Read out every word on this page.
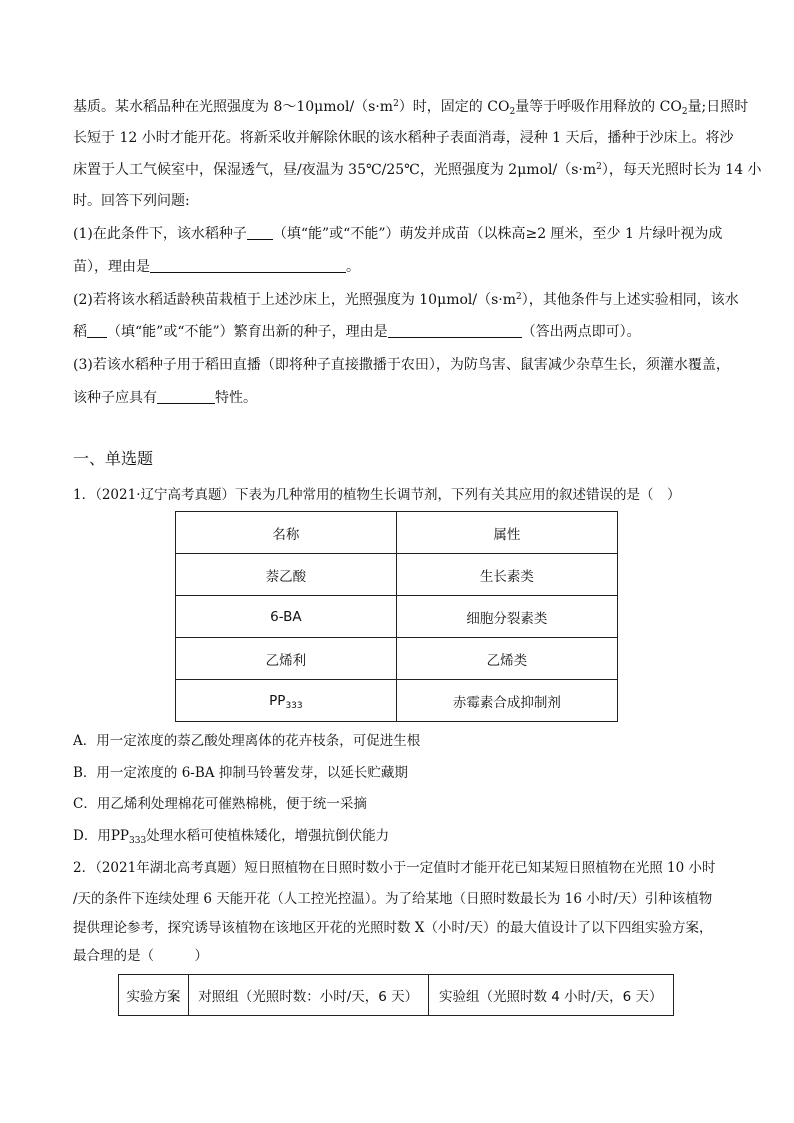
基质。某水稻品种在光照强度为 $8\sim 10\mu mol/(s\cdot m^2)$时，固定的 $CO_2$量等于呼吸作用释放的 $CO_2$量;日照时
长短于 12 小时才能开花。将新采收并解除休眠的该水稻种子表面消毒，浸种 1 天后，播种于沙床上。将沙
床置于人工气候室中，保湿透气，昼/夜温为 35℃/25℃，光照强度为 $2\mu mol/(s\cdot m^2)$，每天光照时长为 14 小
时。回答下列问题:
(1)在此条件下，该水稻种子 （填“能”或“不能”）萌发并成苗（以株高≥2 厘米，至少 1 片绿叶视为成
苗），理由是	。
(2)若将该水稻适龄秧苗栽植于上述沙床上，光照强度为 $10\mu mol/(s\cdot m^2)$，其他条件与上述实验相同，该水
稻 （填“能”或“不能”）繁育出新的种子，理由是	（答出两点即可）。
(3)若该水稻种子用于稻田直播（即将种子直接撒播于农田），为防鸟害、鼠害减少杂草生长，须灌水覆盖，
该种子应具有	特性。
一、单选题
1．（2021·辽宁高考真题）下表为几种常用的植物生长调节剂，下列有关其应用的叙述错误的是（　）
名称	属性
萘乙酸	生长素类
6-BA	细胞分裂素类
乙烯利	乙烯类
$PP_{333}$	赤霉素合成抑制剂
A．用一定浓度的萘乙酸处理离体的花卉枝条，可促进生根
B．用一定浓度的 6-BA 抑制马铃薯发芽，以延长贮藏期
C．用乙烯利处理棉花可催熟棉桃，便于统一采摘
D．用$PP_{333}$处理水稻可使植株矮化，增强抗倒伏能力
2．（2021年湖北高考真题）短日照植物在日照时数小于一定值时才能开花已知某短日照植物在光照 10 小时
/天的条件下连续处理 6 天能开花（人工控光控温）。为了给某地（日照时数最长为 16 小时/天）引种该植物
提供理论参考，探究诱导该植物在该地区开花的光照时数 X（小时/天）的最大值设计了以下四组实验方案，
最合理的是（　　　）
实验方案	对照组（光照时数：小时/天，6 天）	实验组（光照时数 4 小时/天，6 天）
